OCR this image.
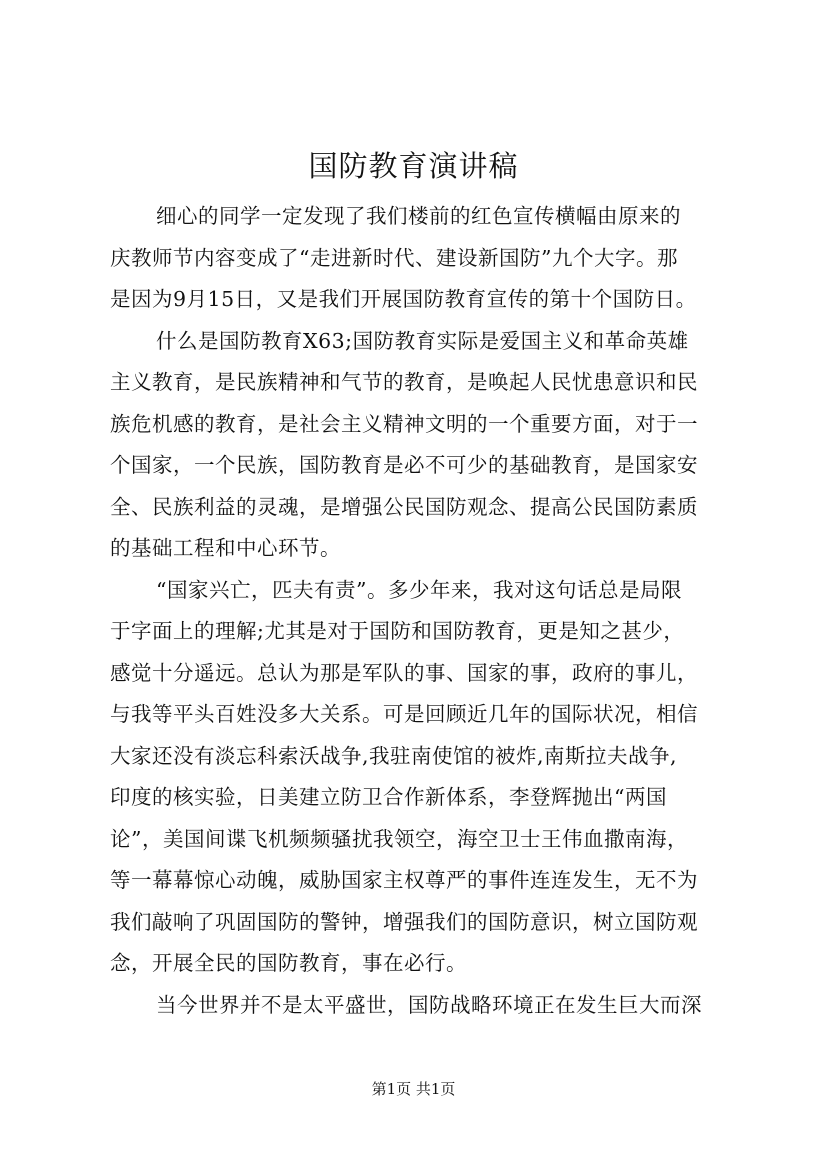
国防教育演讲稿
细心的同学一定发现了我们楼前的红色宣传横幅由原来的
庆教师节内容变成了“走进新时代、建设新国防”九个大字。那
是因为9月15日，又是我们开展国防教育宣传的第十个国防日。
什么是国防教育X63;国防教育实际是爱国主义和革命英雄
主义教育，是民族精神和气节的教育，是唤起人民忧患意识和民
族危机感的教育，是社会主义精神文明的一个重要方面，对于一
个国家，一个民族，国防教育是必不可少的基础教育，是国家安
全、民族利益的灵魂，是增强公民国防观念、提高公民国防素质
的基础工程和中心环节。
“国家兴亡，匹夫有责”。多少年来，我对这句话总是局限
于字面上的理解;尤其是对于国防和国防教育，更是知之甚少，
感觉十分遥远。总认为那是军队的事、国家的事，政府的事儿，
与我等平头百姓没多大关系。可是回顾近几年的国际状况，相信
大家还没有淡忘科索沃战争,我驻南使馆的被炸,南斯拉夫战争,
印度的核实验，日美建立防卫合作新体系，李登辉抛出“两国
论”，美国间谍飞机频频骚扰我领空，海空卫士王伟血撒南海，
等一幕幕惊心动魄，威胁国家主权尊严的事件连连发生，无不为
我们敲响了巩固国防的警钟，增强我们的国防意识，树立国防观
念，开展全民的国防教育，事在必行。
当今世界并不是太平盛世，国防战略环境正在发生巨大而深
第1页 共1页
